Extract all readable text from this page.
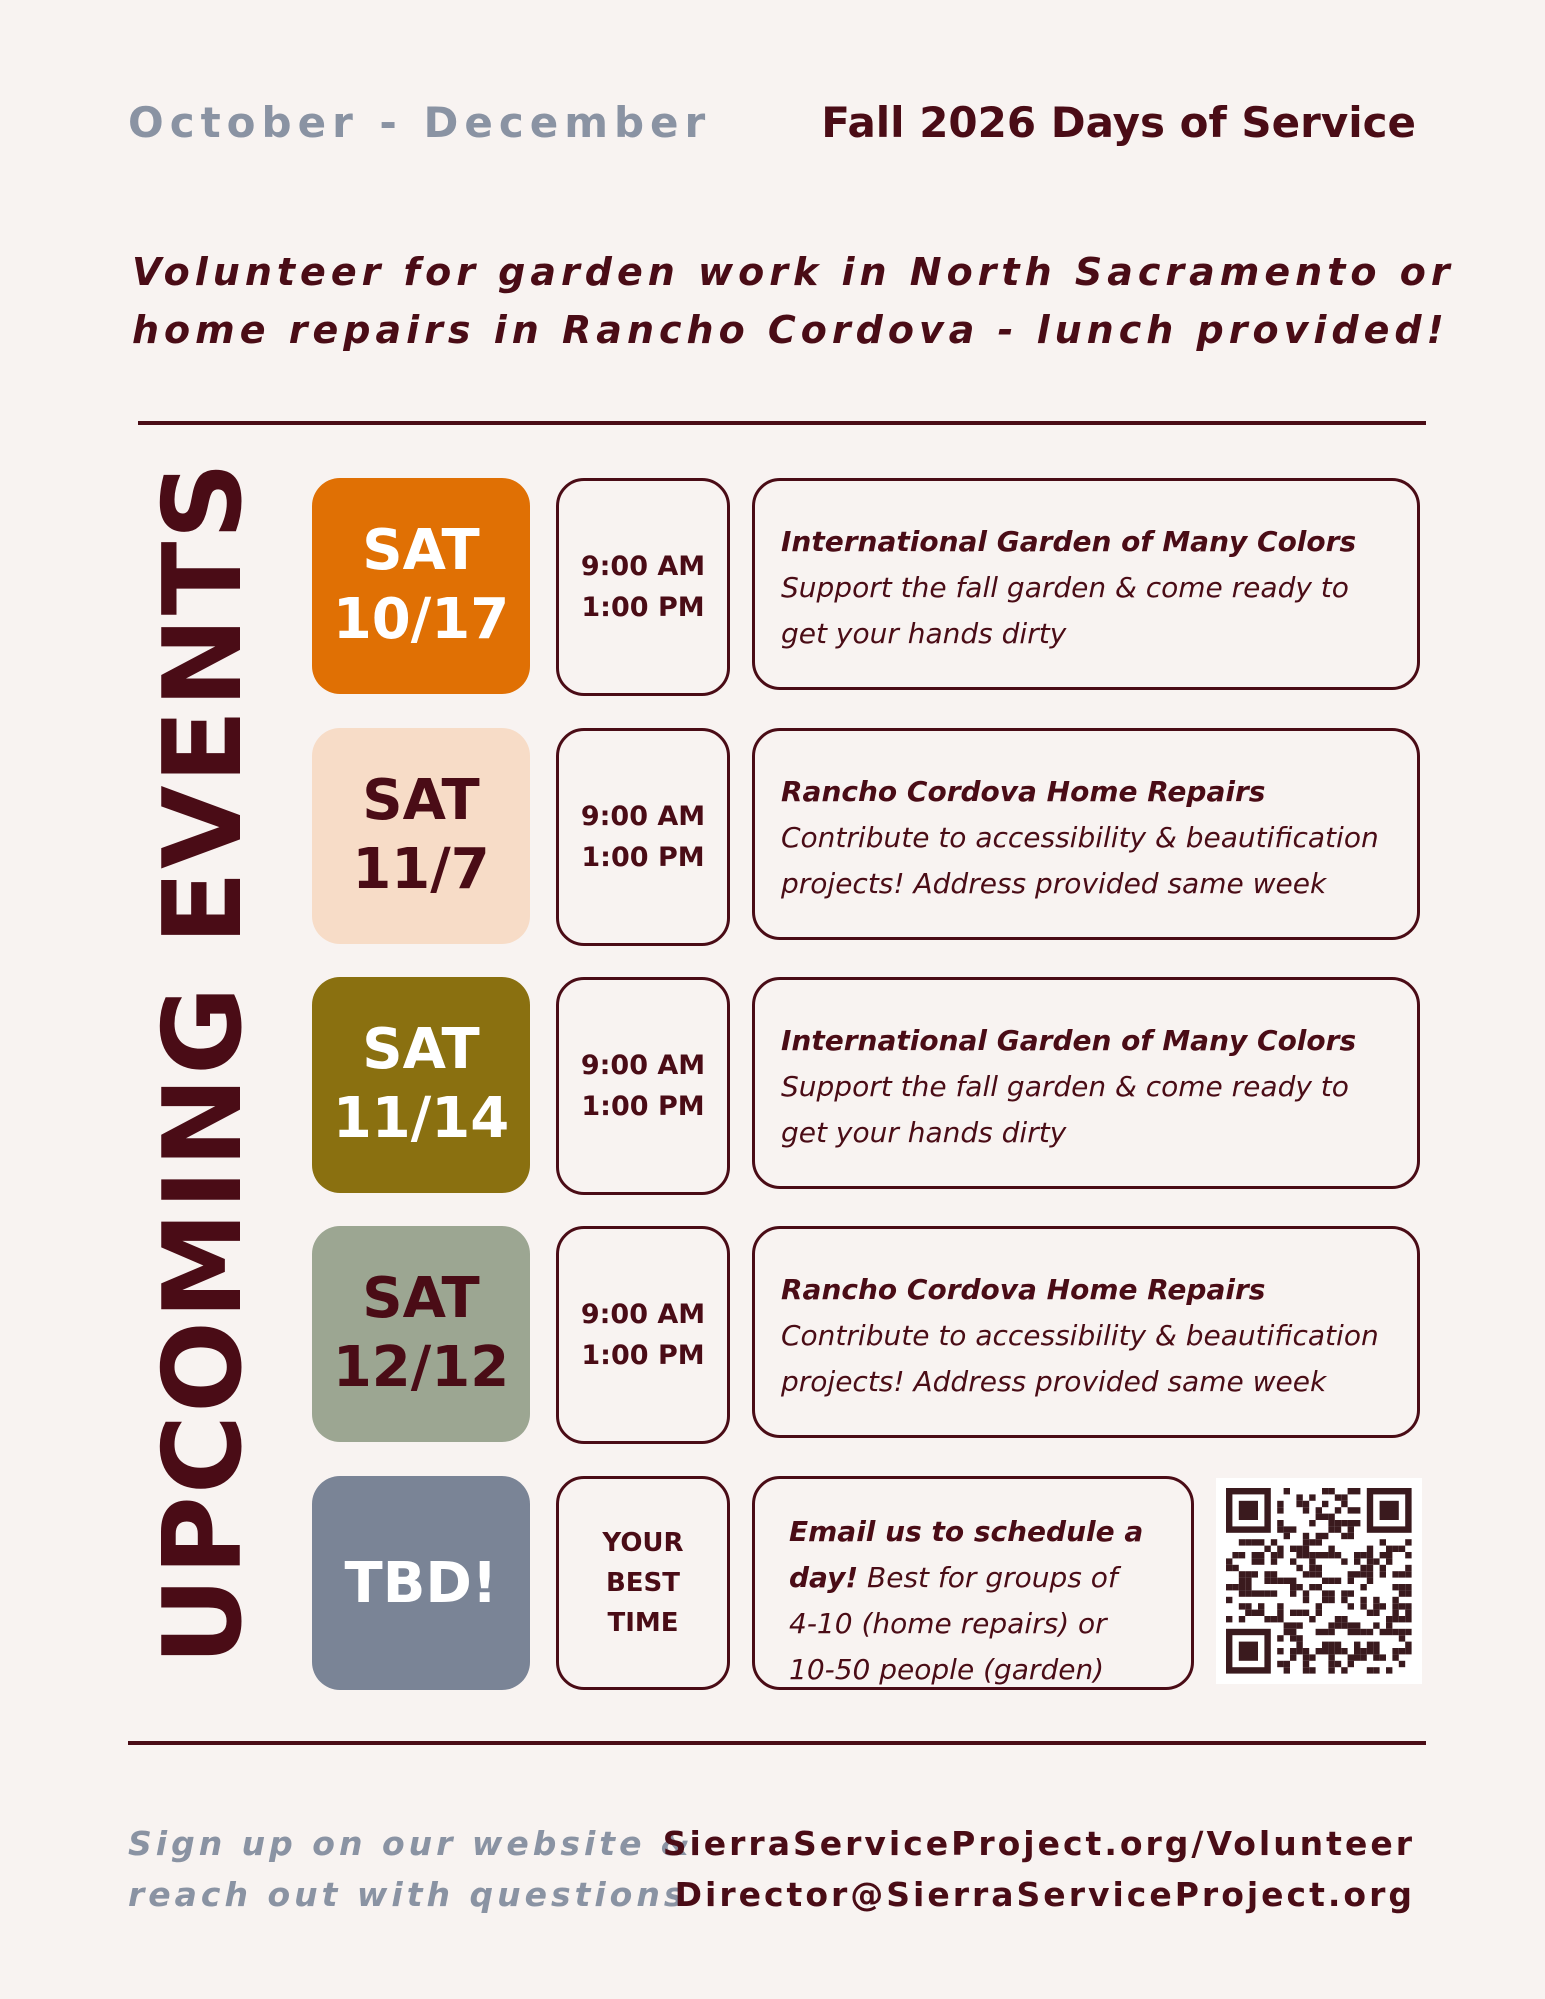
October - December	Fall 2026 Days of Service
Volunteer for garden work in North Sacramento or
home repairs in Rancho Cordova - lunch provided!
UPCOMING EVENTS SAT
10/17
9:00 AM
1:00 PM
International Garden of Many Colors
Support the fall garden & come ready to
get your hands dirty
SAT
11/7
9:00 AM
1:00 PM
Rancho Cordova Home Repairs
Contribute to accessibility & beautification
projects! Address provided same week
SAT
11/14
9:00 AM
1:00 PM
International Garden of Many Colors
Support the fall garden & come ready to
get your hands dirty
SAT
12/12
9:00 AM
1:00 PM
Rancho Cordova Home Repairs
Contribute to accessibility & beautification
projects! Address provided same week
TBD!
YOUR
BEST
TIME
Email us to schedule a
day! Best for groups of
4-10 (home repairs) or
10-50 people (garden)
Sign up on our website &
reach out with questions
SierraServiceProject.org/Volunteer
Director@SierraServiceProject.org
